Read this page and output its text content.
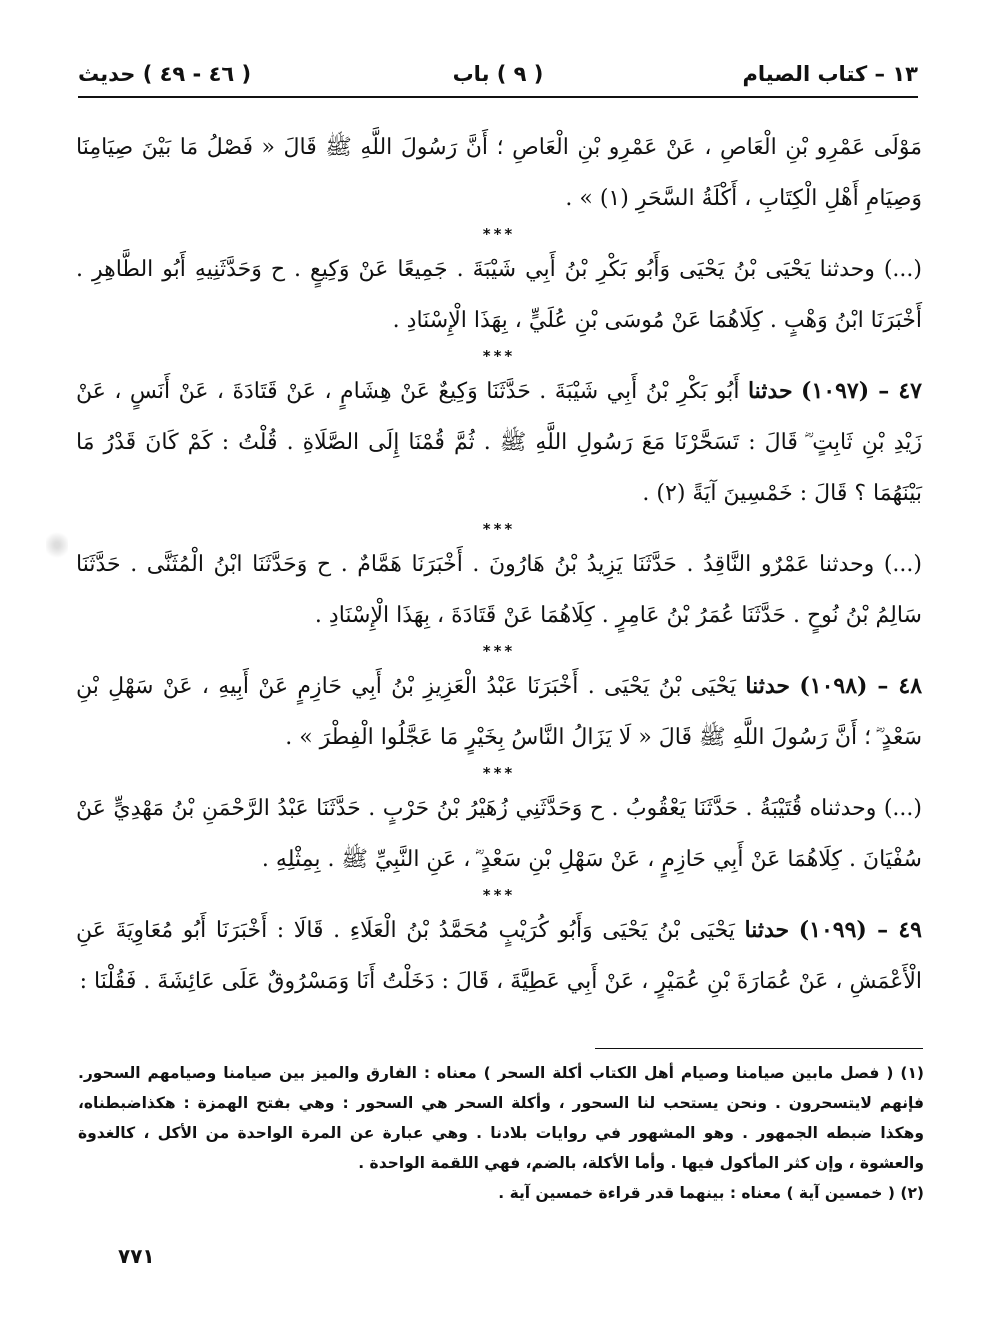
١٣ – كتاب الصيام
( ٩ ) باب
( ٤٦ - ٤٩ ) حديث

مَوْلَى عَمْرِو بْنِ الْعَاصِ ، عَنْ عَمْرِو بْنِ الْعَاصِ ؛ أَنَّ رَسُولَ اللَّهِ ﷺ قَالَ « فَصْلُ مَا بَيْنَ صِيَامِنَا وَصِيَامِ أَهْلِ الْكِتَابِ ، أَكْلَةُ السَّحَرِ (١) » .

***

(...) وحدثنا يَحْيَى بْنُ يَحْيَى وَأَبُو بَكْرِ بْنُ أَبِي شَيْبَةَ . جَمِيعًا عَنْ وَكِيعٍ . ح وَحَدَّثَنِيهِ أَبُو الطَّاهِرِ . أَخْبَرَنَا ابْنُ وَهْبٍ . كِلَاهُمَا عَنْ مُوسَى بْنِ عُلَيٍّ ، بِهَذَا الْإِسْنَادِ .

***

٤٧ – (١٠٩٧) حدثنا أَبُو بَكْرِ بْنُ أَبِي شَيْبَةَ . حَدَّثَنَا وَكِيعٌ عَنْ هِشَامٍ ، عَنْ قَتَادَةَ ، عَنْ أَنَسٍ ، عَنْ زَيْدِ بْنِ ثَابِتٍ ؓ قَالَ : تَسَحَّرْنَا مَعَ رَسُولِ اللَّهِ ﷺ . ثُمَّ قُمْنَا إِلَى الصَّلَاةِ . قُلْتُ : كَمْ كَانَ قَدْرُ مَا بَيْنَهُمَا ؟ قَالَ : خَمْسِينَ آيَةً (٢) .

***

(...) وحدثنا عَمْرٌو النَّاقِدُ . حَدَّثَنَا يَزِيدُ بْنُ هَارُونَ . أَخْبَرَنَا هَمَّامٌ . ح وَحَدَّثَنَا ابْنُ الْمُثَنَّى . حَدَّثَنَا سَالِمُ بْنُ نُوحٍ . حَدَّثَنَا عُمَرُ بْنُ عَامِرٍ . كِلَاهُمَا عَنْ قَتَادَةَ ، بِهَذَا الْإِسْنَادِ .

***

٤٨ – (١٠٩٨) حدثنا يَحْيَى بْنُ يَحْيَى . أَخْبَرَنَا عَبْدُ الْعَزِيزِ بْنُ أَبِي حَازِمٍ عَنْ أَبِيهِ ، عَنْ سَهْلِ بْنِ سَعْدٍ ؓ ؛ أَنَّ رَسُولَ اللَّهِ ﷺ قَالَ « لَا يَزَالُ النَّاسُ بِخَيْرٍ مَا عَجَّلُوا الْفِطْرَ » .

***

(...) وحدثناه قُتَيْبَةُ . حَدَّثَنَا يَعْقُوبُ . ح وَحَدَّثَنِي زُهَيْرُ بْنُ حَرْبٍ . حَدَّثَنَا عَبْدُ الرَّحْمَنِ بْنُ مَهْدِيٍّ عَنْ سُفْيَانَ . كِلَاهُمَا عَنْ أَبِي حَازِمٍ ، عَنْ سَهْلِ بْنِ سَعْدٍ ؓ ، عَنِ النَّبِيِّ ﷺ . بِمِثْلِهِ .

***

٤٩ – (١٠٩٩) حدثنا يَحْيَى بْنُ يَحْيَى وَأَبُو كُرَيْبٍ مُحَمَّدُ بْنُ الْعَلَاءِ . قَالَا : أَخْبَرَنَا أَبُو مُعَاوِيَةَ عَنِ الْأَعْمَشِ ، عَنْ عُمَارَةَ بْنِ عُمَيْرٍ ، عَنْ أَبِي عَطِيَّةَ ، قَالَ : دَخَلْتُ أَنَا وَمَسْرُوقٌ عَلَى عَائِشَةَ . فَقُلْنَا :

(١) ( فصل مابين صيامنا وصيام أهل الكتاب أكلة السحر ) معناه : الفارق والميز بين صيامنا وصيامهم السحور. فإنهم لايتسحرون . ونحن يستحب لنا السحور ، وأكلة السحر هي السحور : وهي بفتح الهمزة : هكذاضبطناه، وهكذا ضبطه الجمهور . وهو المشهور في روايات بلادنا . وهي عبارة عن المرة الواحدة من الأكل ، كالغدوة والعشوة ، وإن كثر المأكول فيها . وأما الأكلة، بالضم، فهي اللقمة الواحدة .

(٢) ( خمسين آية ) معناه : بينهما قدر قراءة خمسين آية .

٧٧١
